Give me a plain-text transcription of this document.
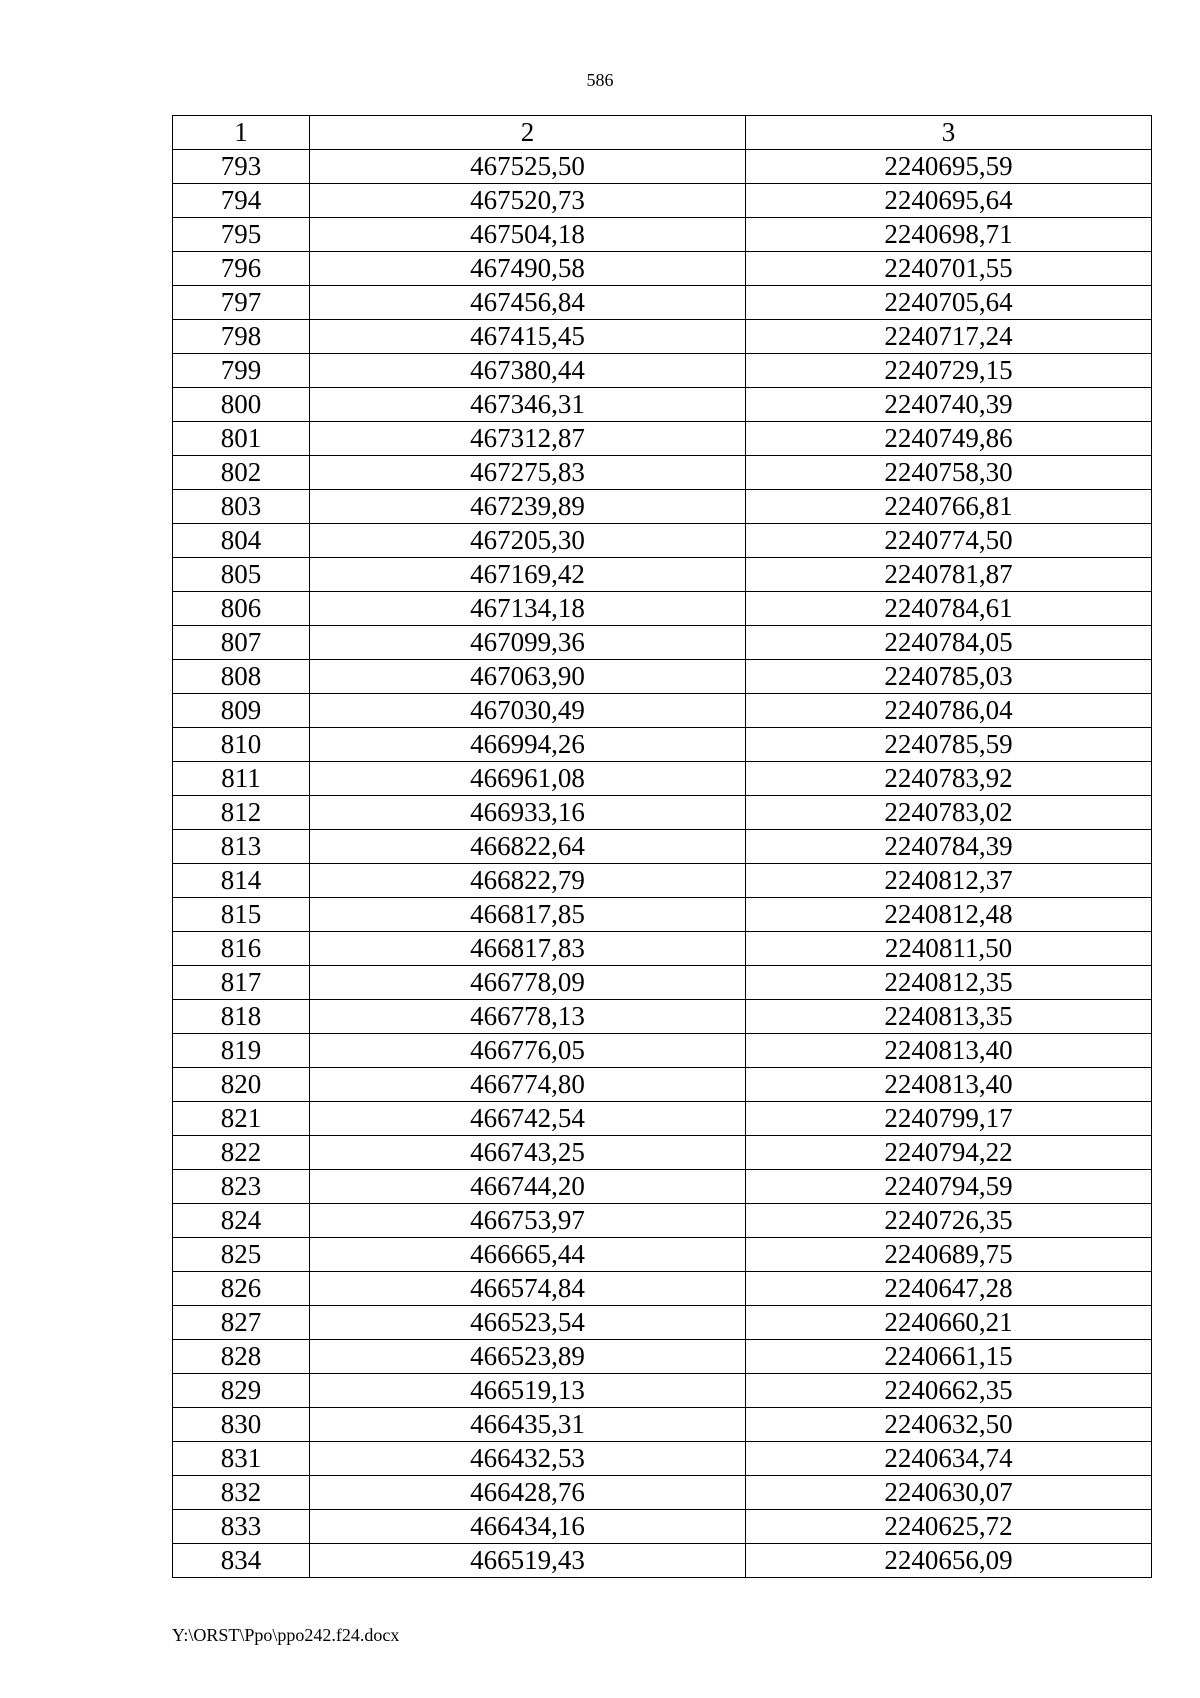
586
1	2	3
793	467525,50	2240695,59
794	467520,73	2240695,64
795	467504,18	2240698,71
796	467490,58	2240701,55
797	467456,84	2240705,64
798	467415,45	2240717,24
799	467380,44	2240729,15
800	467346,31	2240740,39
801	467312,87	2240749,86
802	467275,83	2240758,30
803	467239,89	2240766,81
804	467205,30	2240774,50
805	467169,42	2240781,87
806	467134,18	2240784,61
807	467099,36	2240784,05
808	467063,90	2240785,03
809	467030,49	2240786,04
810	466994,26	2240785,59
811	466961,08	2240783,92
812	466933,16	2240783,02
813	466822,64	2240784,39
814	466822,79	2240812,37
815	466817,85	2240812,48
816	466817,83	2240811,50
817	466778,09	2240812,35
818	466778,13	2240813,35
819	466776,05	2240813,40
820	466774,80	2240813,40
821	466742,54	2240799,17
822	466743,25	2240794,22
823	466744,20	2240794,59
824	466753,97	2240726,35
825	466665,44	2240689,75
826	466574,84	2240647,28
827	466523,54	2240660,21
828	466523,89	2240661,15
829	466519,13	2240662,35
830	466435,31	2240632,50
831	466432,53	2240634,74
832	466428,76	2240630,07
833	466434,16	2240625,72
834	466519,43	2240656,09
Y:\ORST\Ppo\ppo242.f24.docx
